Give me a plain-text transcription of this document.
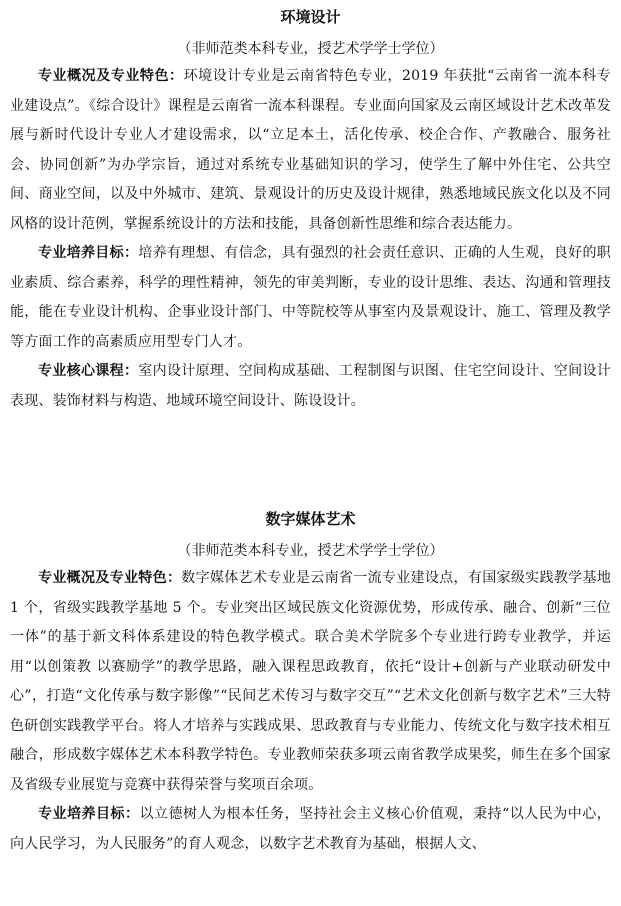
环境设计
（非师范类本科专业，授艺术学学士学位）

专业概况及专业特色：环境设计专业是云南省特色专业，2019 年获批“云南省一流本科专业建设点”。《综合设计》课程是云南省一流本科课程。专业面向国家及云南区域设计艺术改革发展与新时代设计专业人才建设需求，以“立足本土，活化传承、校企合作、产教融合、服务社会、协同创新”为办学宗旨，通过对系统专业基础知识的学习，使学生了解中外住宅、公共空间、商业空间，以及中外城市、建筑、景观设计的历史及设计规律，熟悉地域民族文化以及不同风格的设计范例，掌握系统设计的方法和技能，具备创新性思维和综合表达能力。

专业培养目标：培养有理想、有信念，具有强烈的社会责任意识、正确的人生观，良好的职业素质、综合素养，科学的理性精神，领先的审美判断，专业的设计思维、表达、沟通和管理技能，能在专业设计机构、企事业设计部门、中等院校等从事室内及景观设计、施工、管理及教学等方面工作的高素质应用型专门人才。

专业核心课程：室内设计原理、空间构成基础、工程制图与识图、住宅空间设计、空间设计表现、装饰材料与构造、地域环境空间设计、陈设设计。

数字媒体艺术
（非师范类本科专业，授艺术学学士学位）

专业概况及专业特色：数字媒体艺术专业是云南省一流专业建设点，有国家级实践教学基地 1 个，省级实践教学基地 5 个。专业突出区域民族文化资源优势，形成传承、融合、创新“三位一体”的基于新文科体系建设的特色教学模式。联合美术学院多个专业进行跨专业教学，并运用“以创策教 以赛励学”的教学思路，融入课程思政教育，依托“设计+创新与产业联动研发中心”，打造“文化传承与数字影像”“民间艺术传习与数字交互”“艺术文化创新与数字艺术”三大特色研创实践教学平台。将人才培养与实践成果、思政教育与专业能力、传统文化与数字技术相互融合，形成数字媒体艺术本科教学特色。专业教师荣获多项云南省教学成果奖，师生在多个国家及省级专业展览与竞赛中获得荣誉与奖项百余项。

专业培养目标：以立德树人为根本任务，坚持社会主义核心价值观，秉持“以人民为中心，向人民学习，为人民服务”的育人观念，以数字艺术教育为基础，根据人文、
